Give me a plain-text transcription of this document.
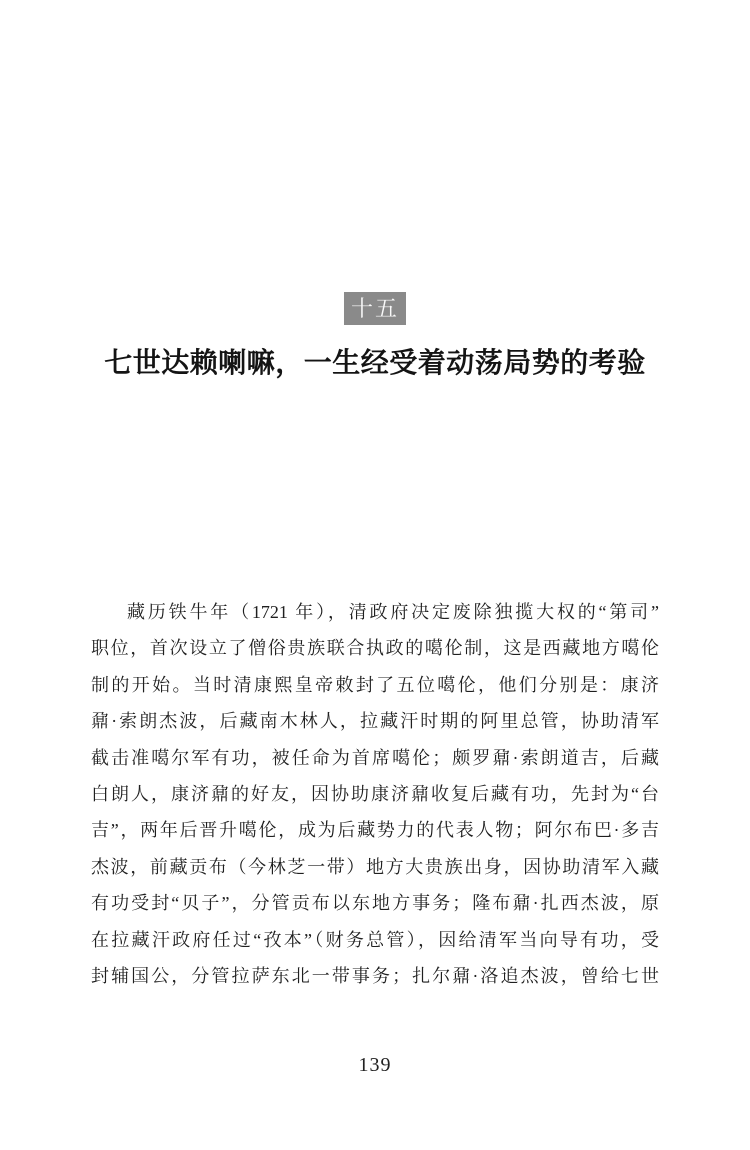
十五
七世达赖喇嘛，一生经受着动荡局势的考验
藏历铁牛年（1721 年），清政府决定废除独揽大权的“第司”
职位，首次设立了僧俗贵族联合执政的噶伦制，这是西藏地方噶伦
制的开始。当时清康熙皇帝敕封了五位噶伦，他们分别是：康济
鼐·索朗杰波，后藏南木林人，拉藏汗时期的阿里总管，协助清军
截击准噶尔军有功，被任命为首席噶伦；颇罗鼐·索朗道吉，后藏
白朗人，康济鼐的好友，因协助康济鼐收复后藏有功，先封为“台
吉”，两年后晋升噶伦，成为后藏势力的代表人物；阿尔布巴·多吉
杰波，前藏贡布（今林芝一带）地方大贵族出身，因协助清军入藏
有功受封“贝子”，分管贡布以东地方事务；隆布鼐·扎西杰波，原
在拉藏汗政府任过“孜本”（财务总管），因给清军当向导有功，受
封辅国公，分管拉萨东北一带事务；扎尔鼐·洛追杰波，曾给七世
139
